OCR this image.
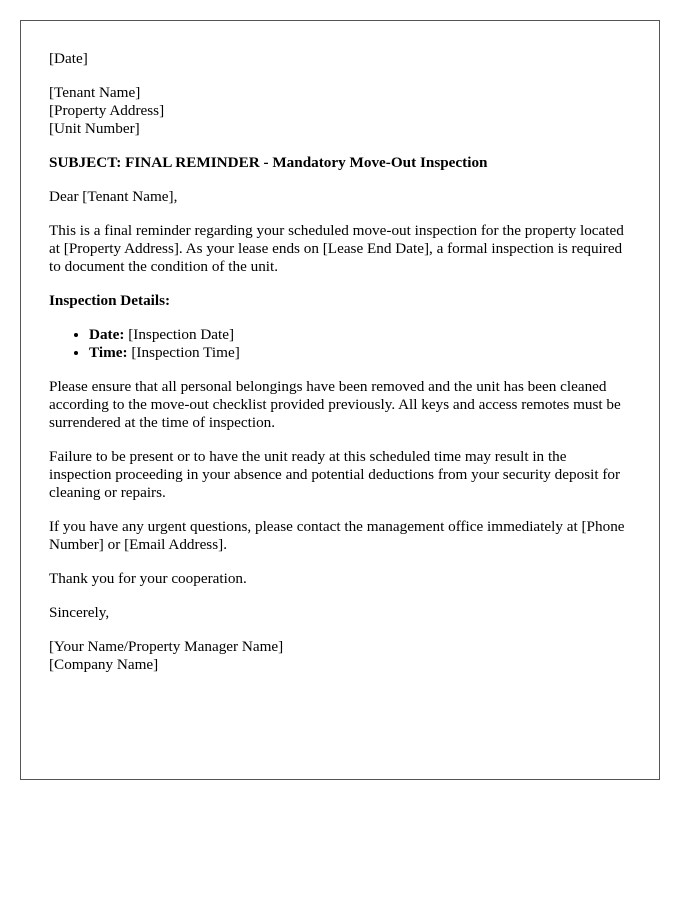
[Date]

[Tenant Name]
[Property Address]
[Unit Number]

SUBJECT: FINAL REMINDER - Mandatory Move-Out Inspection

Dear [Tenant Name],

This is a final reminder regarding your scheduled move-out inspection for the property located at [Property Address]. As your lease ends on [Lease End Date], a formal inspection is required to document the condition of the unit.

Inspection Details:

• Date: [Inspection Date]
• Time: [Inspection Time]

Please ensure that all personal belongings have been removed and the unit has been cleaned according to the move-out checklist provided previously. All keys and access remotes must be surrendered at the time of inspection.

Failure to be present or to have the unit ready at this scheduled time may result in the inspection proceeding in your absence and potential deductions from your security deposit for cleaning or repairs.

If you have any urgent questions, please contact the management office immediately at [Phone Number] or [Email Address].

Thank you for your cooperation.

Sincerely,

[Your Name/Property Manager Name]
[Company Name]
